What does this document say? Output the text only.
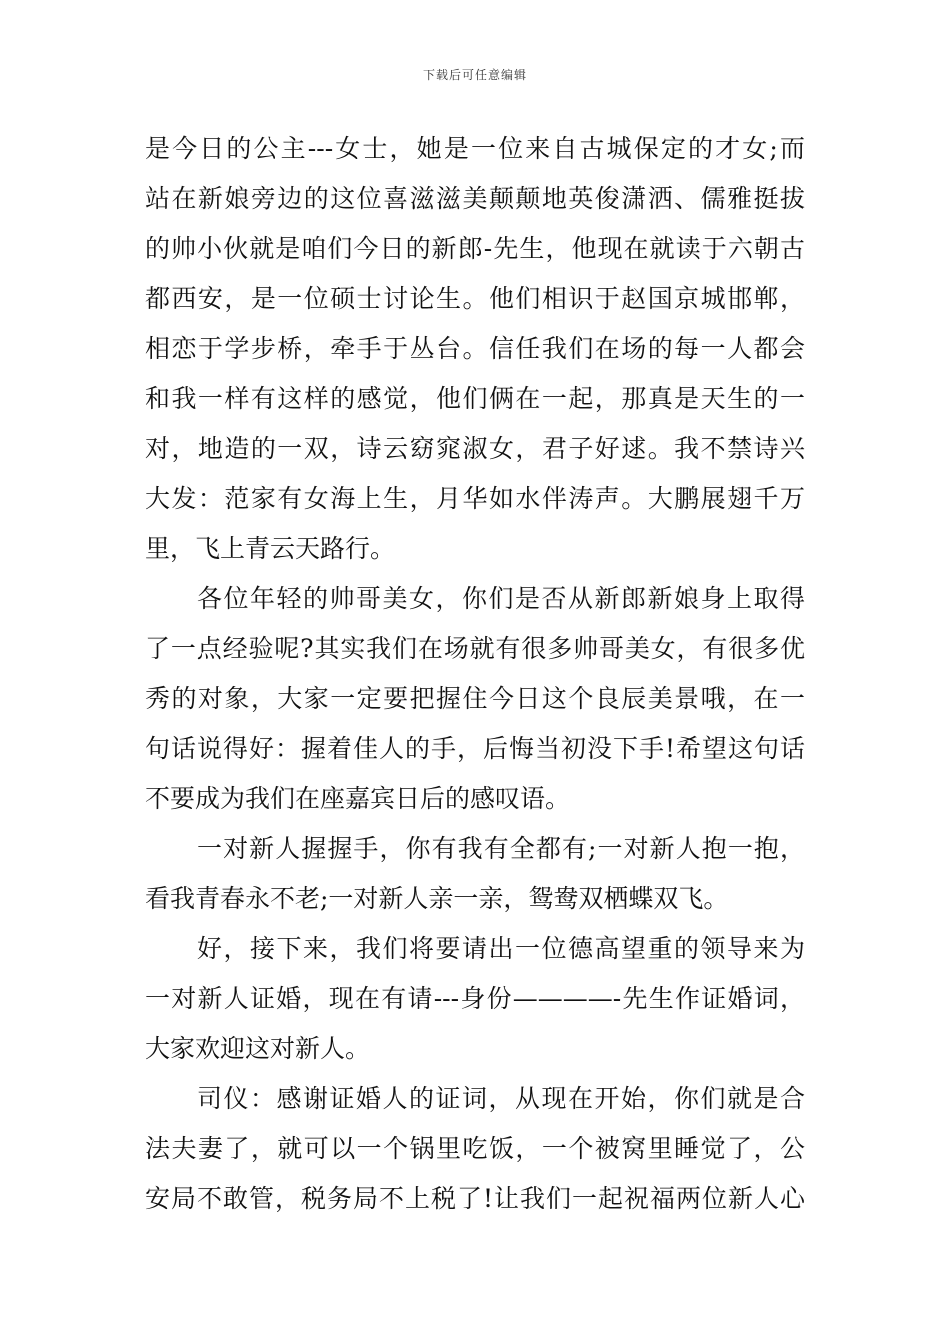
下载后可任意编辑
是今日的公主---女士，她是一位来自古城保定的才女;而
站在新娘旁边的这位喜滋滋美颠颠地英俊潇洒、儒雅挺拔
的帅小伙就是咱们今日的新郎-先生，他现在就读于六朝古
都西安，是一位硕士讨论生。他们相识于赵国京城邯郸，
相恋于学步桥，牵手于丛台。信任我们在场的每一人都会
和我一样有这样的感觉，他们俩在一起，那真是天生的一
对，地造的一双，诗云窈窕淑女，君子好逑。我不禁诗兴
大发：范家有女海上生，月华如水伴涛声。大鹏展翅千万
里，飞上青云天路行。
各位年轻的帅哥美女，你们是否从新郎新娘身上取得
了一点经验呢?其实我们在场就有很多帅哥美女，有很多优
秀的对象，大家一定要把握住今日这个良辰美景哦，在一
句话说得好：握着佳人的手，后悔当初没下手!希望这句话
不要成为我们在座嘉宾日后的感叹语。
一对新人握握手，你有我有全都有;一对新人抱一抱，
看我青春永不老;一对新人亲一亲，鸳鸯双栖蝶双飞。
好，接下来，我们将要请出一位德高望重的领导来为
一对新人证婚，现在有请---身份————-先生作证婚词，
大家欢迎这对新人。
司仪：感谢证婚人的证词，从现在开始，你们就是合
法夫妻了，就可以一个锅里吃饭，一个被窝里睡觉了，公
安局不敢管，税务局不上税了!让我们一起祝福两位新人心
